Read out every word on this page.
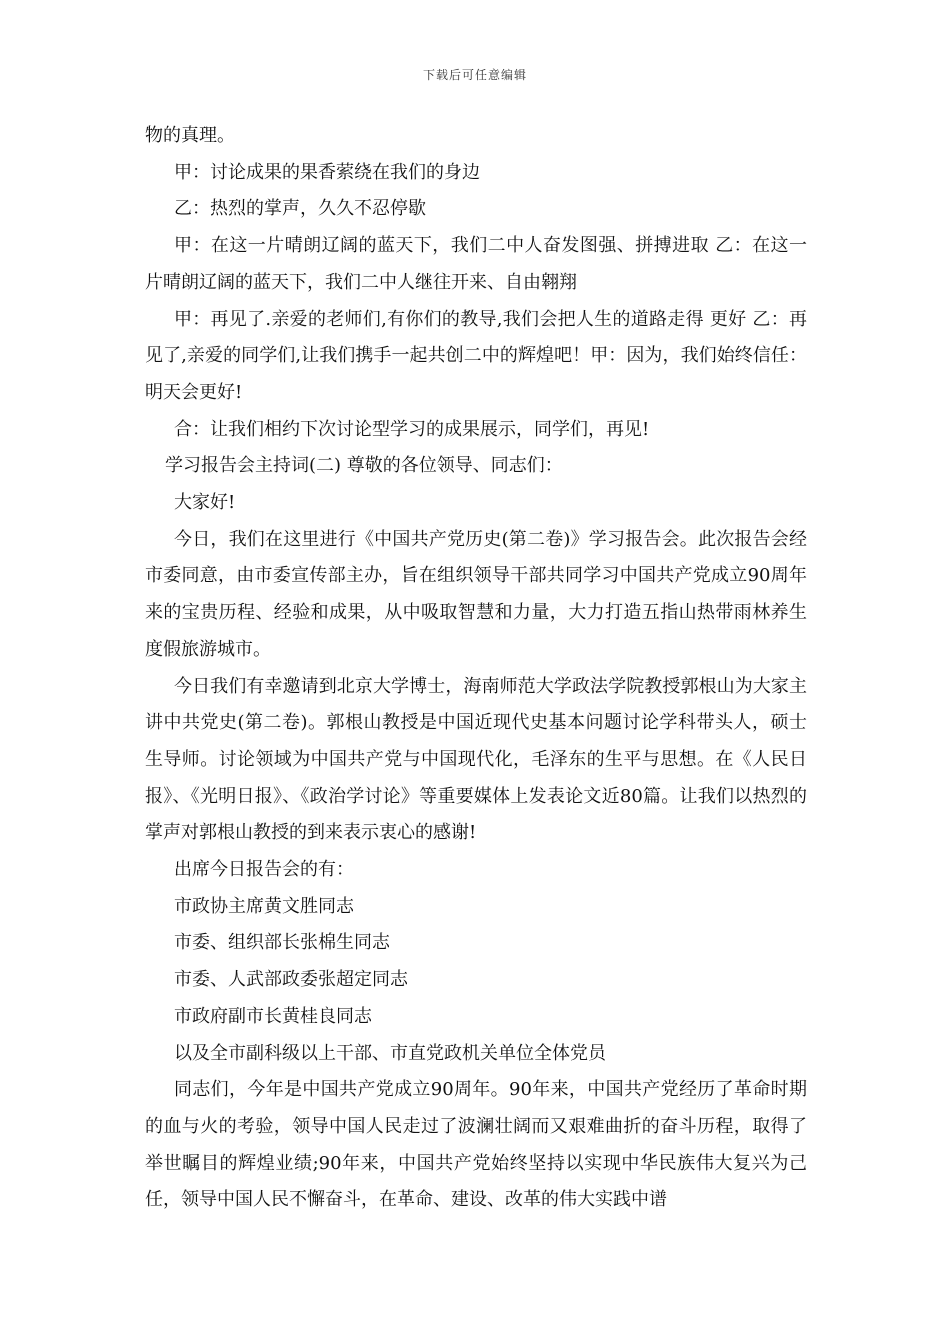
下载后可任意编辑

物的真理。

甲：讨论成果的果香萦绕在我们的身边

乙：热烈的掌声，久久不忍停歇

甲：在这一片晴朗辽阔的蓝天下，我们二中人奋发图强、拼搏进取 乙：在这一片晴朗辽阔的蓝天下，我们二中人继往开来、自由翱翔

甲：再见了.亲爱的老师们,有你们的教导,我们会把人生的道路走得 更好 乙：再见了,亲爱的同学们,让我们携手一起共创二中的辉煌吧！甲：因为，我们始终信任：明天会更好!

合：让我们相约下次讨论型学习的成果展示，同学们，再见!

学习报告会主持词(二) 尊敬的各位领导、同志们：

大家好!

今日，我们在这里进行《中国共产党历史(第二卷)》学习报告会。此次报告会经市委同意，由市委宣传部主办，旨在组织领导干部共同学习中国共产党成立90周年来的宝贵历程、经验和成果，从中吸取智慧和力量，大力打造五指山热带雨林养生度假旅游城市。

今日我们有幸邀请到北京大学博士，海南师范大学政法学院教授郭根山为大家主讲中共党史(第二卷)。郭根山教授是中国近现代史基本问题讨论学科带头人，硕士生导师。讨论领域为中国共产党与中国现代化，毛泽东的生平与思想。在《人民日报》、《光明日报》、《政治学讨论》等重要媒体上发表论文近80篇。让我们以热烈的掌声对郭根山教授的到来表示衷心的感谢!

出席今日报告会的有：

市政协主席黄文胜同志

市委、组织部长张棉生同志

市委、人武部政委张超定同志

市政府副市长黄桂良同志

以及全市副科级以上干部、市直党政机关单位全体党员

同志们，今年是中国共产党成立90周年。90年来，中国共产党经历了革命时期的血与火的考验，领导中国人民走过了波澜壮阔而又艰难曲折的奋斗历程，取得了举世瞩目的辉煌业绩;90年来，中国共产党始终坚持以实现中华民族伟大复兴为己任，领导中国人民不懈奋斗，在革命、建设、改革的伟大实践中谱
